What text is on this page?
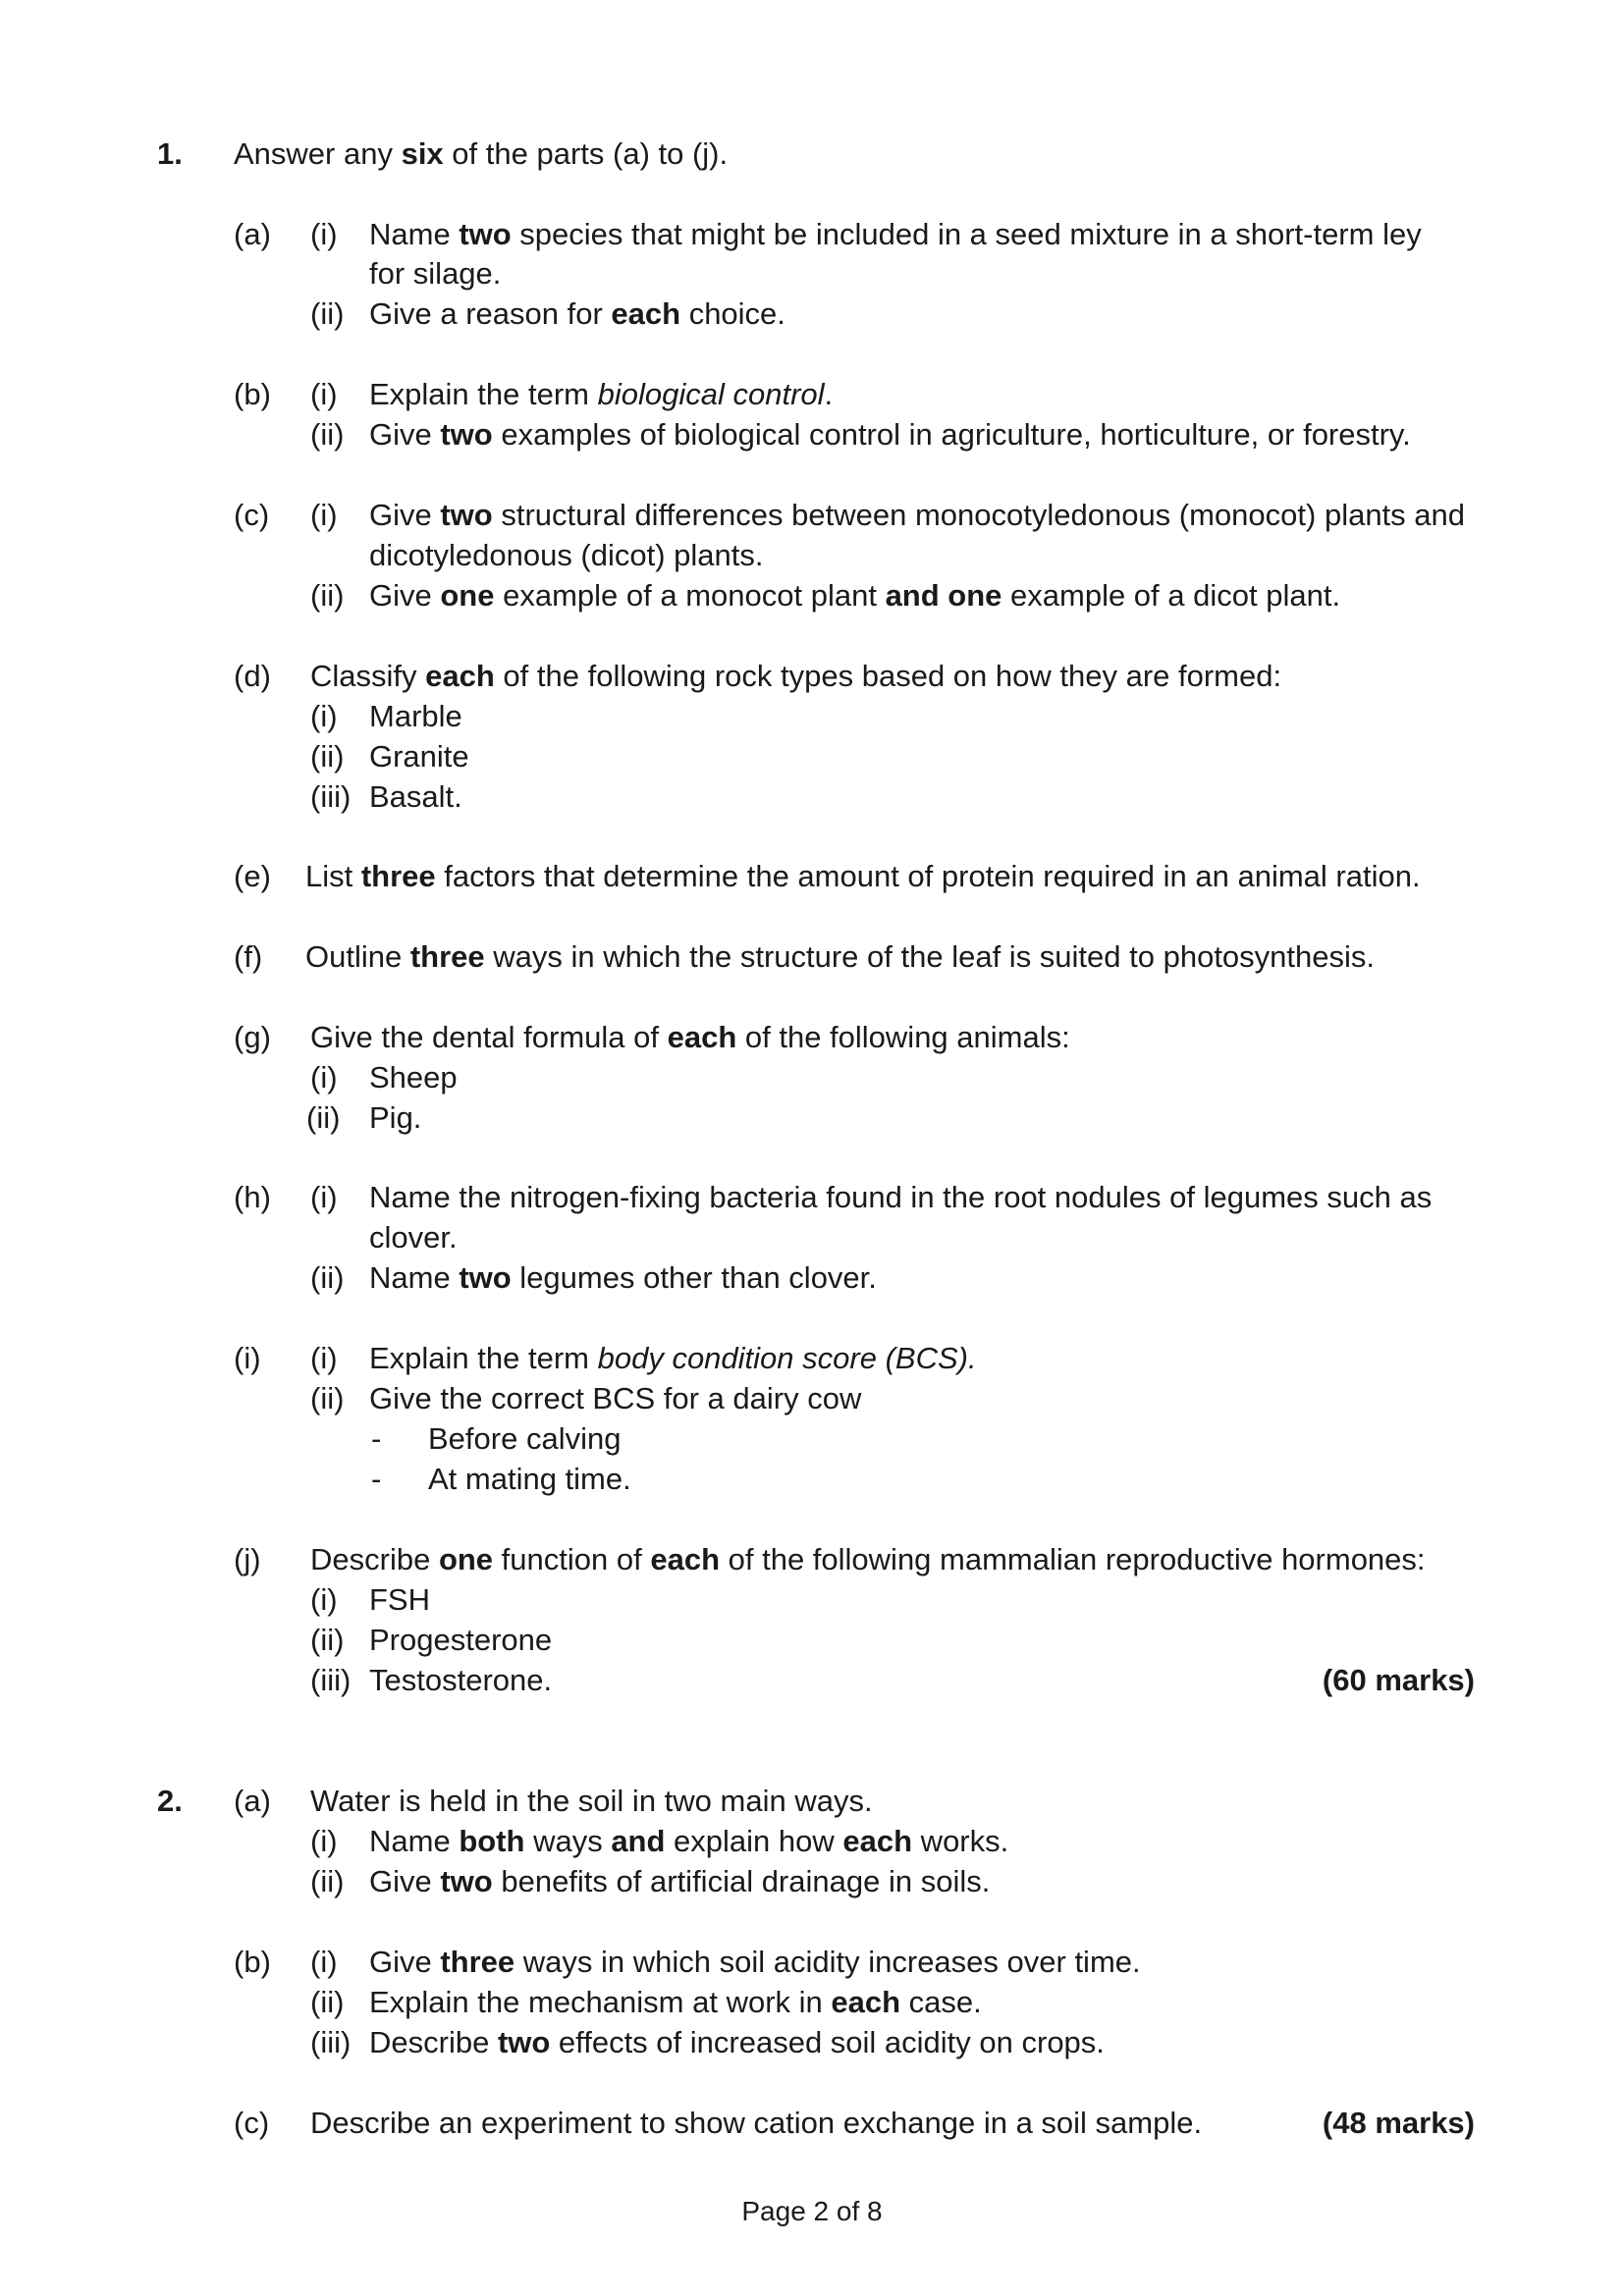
1. Answer any six of the parts (a) to (j).
(a) (i) Name two species that might be included in a seed mixture in a short-term ley
for silage.
(ii) Give a reason for each choice.
(b) (i) Explain the term biological control.
(ii) Give two examples of biological control in agriculture, horticulture, or forestry.
(c) (i) Give two structural differences between monocotyledonous (monocot) plants and
dicotyledonous (dicot) plants.
(ii) Give one example of a monocot plant and one example of a dicot plant.
(d) Classify each of the following rock types based on how they are formed:
(i) Marble
(ii) Granite
(iii) Basalt.
(e) List three factors that determine the amount of protein required in an animal ration.
(f) Outline three ways in which the structure of the leaf is suited to photosynthesis.
(g) Give the dental formula of each of the following animals:
(i) Sheep
(ii) Pig.
(h) (i) Name the nitrogen-fixing bacteria found in the root nodules of legumes such as
clover.
(ii) Name two legumes other than clover.
(i) (i) Explain the term body condition score (BCS).
(ii) Give the correct BCS for a dairy cow
- Before calving
- At mating time.
(j) Describe one function of each of the following mammalian reproductive hormones:
(i) FSH
(ii) Progesterone
(iii) Testosterone.	(60 marks)
2. (a) Water is held in the soil in two main ways.
(i) Name both ways and explain how each works.
(ii) Give two benefits of artificial drainage in soils.
(b) (i) Give three ways in which soil acidity increases over time.
(ii) Explain the mechanism at work in each case.
(iii) Describe two effects of increased soil acidity on crops.
(c) Describe an experiment to show cation exchange in a soil sample.	(48 marks)
Page 2 of 8
